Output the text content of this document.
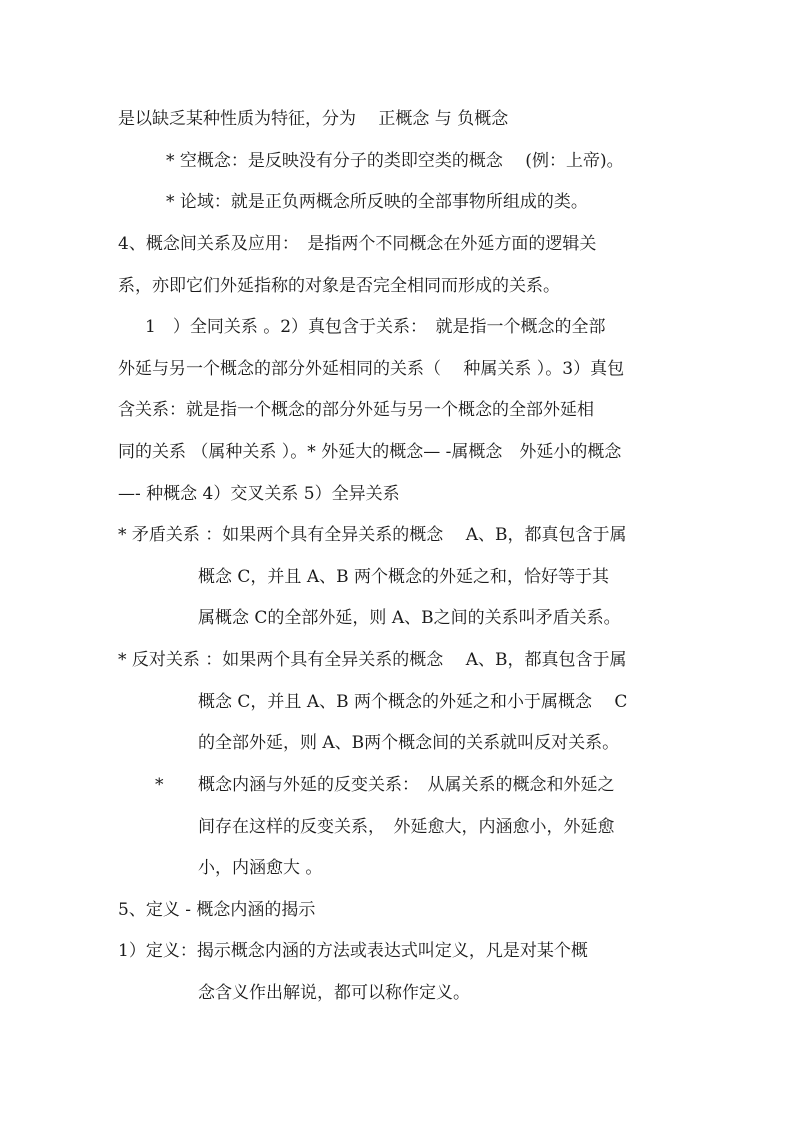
是以缺乏某种性质为特征，分为　 正概念 与 负概念
* 空概念：是反映没有分子的类即空类的概念　 (例：上帝)。
* 论域：就是正负两概念所反映的全部事物所组成的类。
4、概念间关系及应用：　是指两个不同概念在外延方面的逻辑关
系，亦即它们外延指称的对象是否完全相同而形成的关系。
1　）全同关系 。2）真包含于关系：　就是指一个概念的全部
外延与另一个概念的部分外延相同的关系（　 种属关系 ）。3）真包
含关系：就是指一个概念的部分外延与另一个概念的全部外延相
同的关系 （属种关系 ）。* 外延大的概念— -属概念　外延小的概念
—- 种概念 4）交叉关系 5）全异关系
* 矛盾关系 ：如果两个具有全异关系的概念　 A、B，都真包含于属
概念 C，并且 A、B 两个概念的外延之和，恰好等于其
属概念 C的全部外延，则 A、B之间的关系叫矛盾关系。
* 反对关系 ：如果两个具有全异关系的概念　 A、B，都真包含于属
概念 C，并且 A、B 两个概念的外延之和小于属概念　 C
的全部外延，则 A、B两个概念间的关系就叫反对关系。
* 概念内涵与外延的反变关系：　从属关系的概念和外延之
间存在这样的反变关系，　外延愈大，内涵愈小，外延愈
小，内涵愈大 。
5、定义 - 概念内涵的揭示
1）定义：揭示概念内涵的方法或表达式叫定义，凡是对某个概
念含义作出解说，都可以称作定义。
